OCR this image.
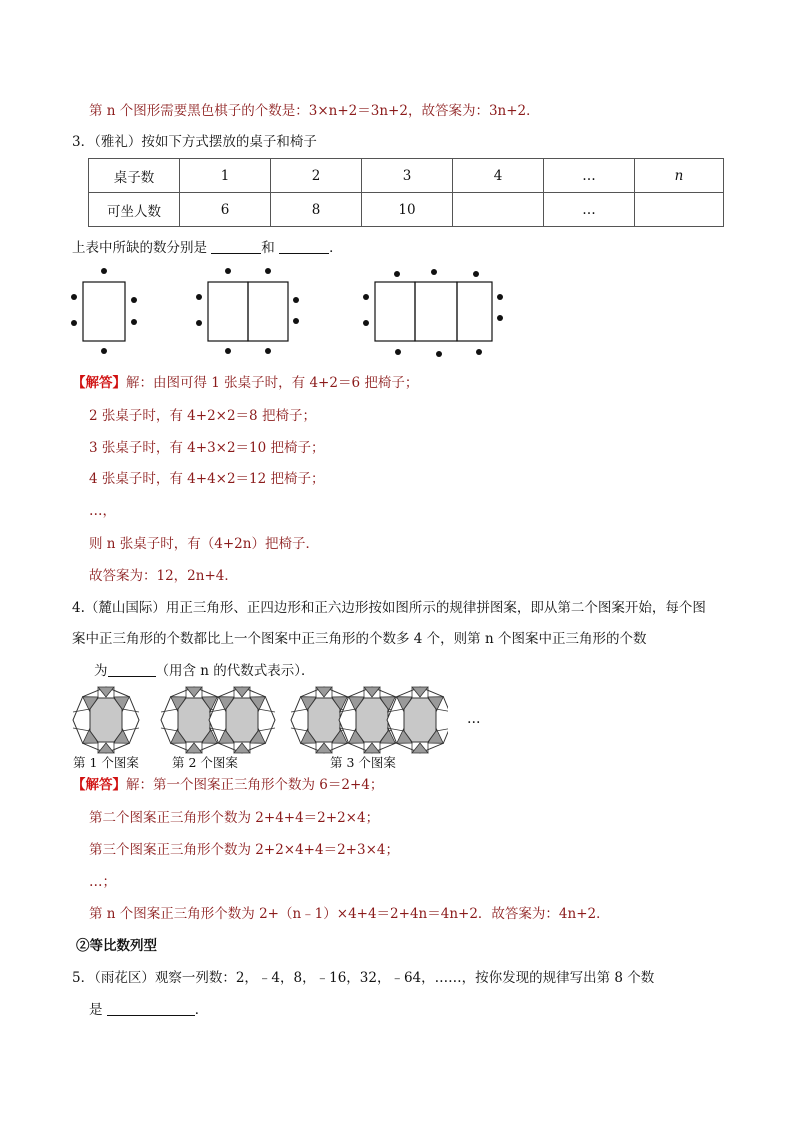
第 n 个图形需要黑色棋子的个数是：3×n+2＝3n+2，故答案为：3n+2．
3．（雅礼）按如下方式摆放的桌子和椅子
桌子数	1	2	3	4	…	n
可坐人数	6	8	10		…	
上表中所缺的数分别是	和	．
【解答】解：由图可得 1 张桌子时，有 4+2＝6 把椅子；
2 张桌子时，有 4+2×2＝8 把椅子；
3 张桌子时，有 4+3×2＝10 把椅子；
4 张桌子时，有 4+4×2＝12 把椅子；
…，
则 n 张桌子时，有（4+2n）把椅子．
故答案为：12，2n+4．
4.（麓山国际）用正三角形、正四边形和正六边形按如图所示的规律拼图案，即从第二个图案开始，每个图
案中正三角形的个数都比上一个图案中正三角形的个数多 4 个，则第 n 个图案中正三角形的个数
为	（用含 n 的代数式表示）．
…
第 1 个图案	第 2 个图案	第 3 个图案
【解答】解：第一个图案正三角形个数为 6＝2+4；
第二个图案正三角形个数为 2+4+4＝2+2×4；
第三个图案正三角形个数为 2+2×4+4＝2+3×4；
…；
第 n 个图案正三角形个数为 2+（n﹣1）×4+4＝2+4n＝4n+2．故答案为：4n+2．
②等比数列型
5．（雨花区）观察一列数：2，﹣4，8，﹣16，32，﹣64，……，按你发现的规律写出第 8 个数
是	．
